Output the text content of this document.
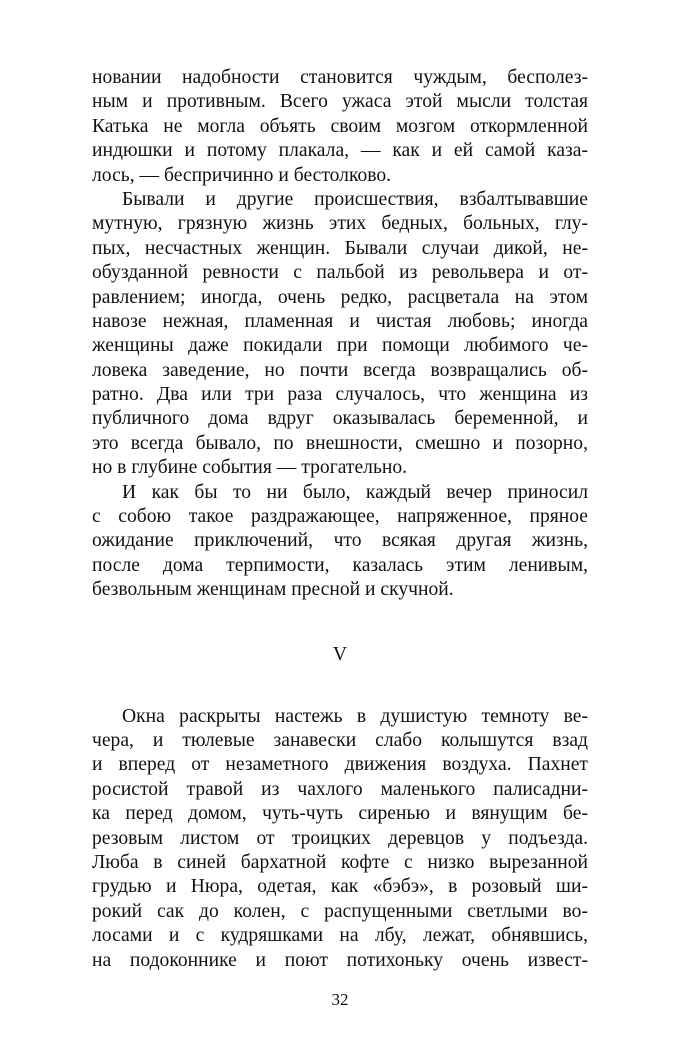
новании надобности становится чуждым, бесполез-
ным и противным. Всего ужаса этой мысли толстая
Катька не могла объять своим мозгом откормленной
индюшки и потому плакала, — как и ей самой каза-
лось, — беспричинно и бестолково.
Бывали и другие происшествия, взбалтывавшие
мутную, грязную жизнь этих бедных, больных, глу-
пых, несчастных женщин. Бывали случаи дикой, не-
обузданной ревности с пальбой из револьвера и от-
равлением; иногда, очень редко, расцветала на этом
навозе нежная, пламенная и чистая любовь; иногда
женщины даже покидали при помощи любимого че-
ловека заведение, но почти всегда возвращались об-
ратно. Два или три раза случалось, что женщина из
публичного дома вдруг оказывалась беременной, и
это всегда бывало, по внешности, смешно и позорно,
но в глубине события — трогательно.
И как бы то ни было, каждый вечер приносил
с собою такое раздражающее, напряженное, пряное
ожидание приключений, что всякая другая жизнь,
после дома терпимости, казалась этим ленивым,
безвольным женщинам пресной и скучной.
V
Окна раскрыты настежь в душистую темноту ве-
чера, и тюлевые занавески слабо колышутся взад
и вперед от незаметного движения воздуха. Пахнет
росистой травой из чахлого маленького палисадни-
ка перед домом, чуть-чуть сиренью и вянущим бе-
резовым листом от троицких деревцов у подъезда.
Люба в синей бархатной кофте с низко вырезанной
грудью и Нюра, одетая, как «бэбэ», в розовый ши-
рокий сак до колен, с распущенными светлыми во-
лосами и с кудряшками на лбу, лежат, обнявшись,
на подоконнике и поют потихоньку очень извест-
32
